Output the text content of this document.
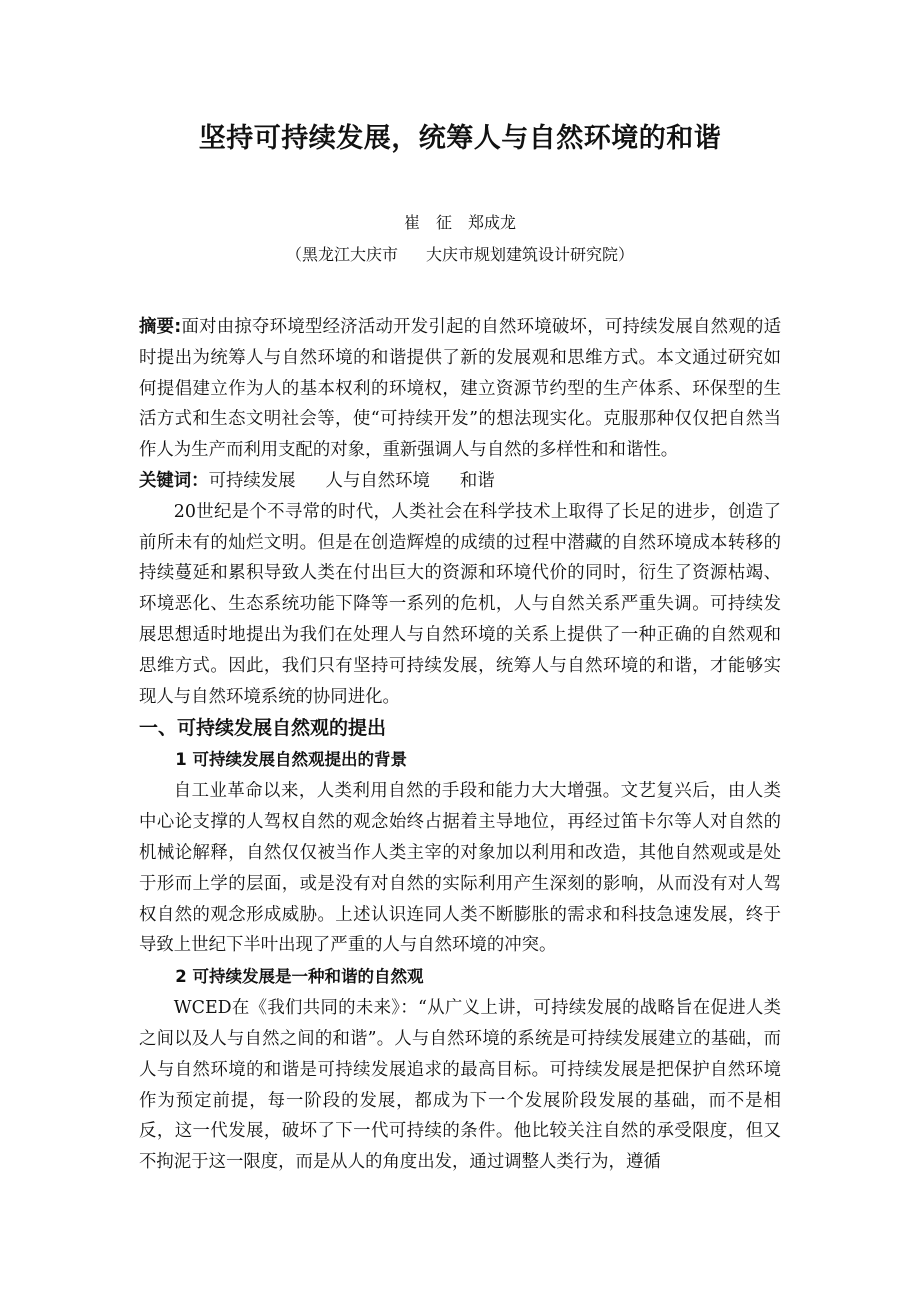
坚持可持续发展，统筹人与自然环境的和谐
崔　征 郑成龙
（黑龙江大庆市 大庆市规划建筑设计研究院）

摘要:面对由掠夺环境型经济活动开发引起的自然环境破坏，可持续发展自然观的适时提出为统筹人与自然环境的和谐提供了新的发展观和思维方式。本文通过研究如何提倡建立作为人的基本权利的环境权，建立资源节约型的生产体系、环保型的生活方式和生态文明社会等，使“可持续开发”的想法现实化。克服那种仅仅把自然当作人为生产而利用支配的对象，重新强调人与自然的多样性和和谐性。

关键词：可持续发展 人与自然环境 和谐

20世纪是个不寻常的时代，人类社会在科学技术上取得了长足的进步，创造了前所未有的灿烂文明。但是在创造辉煌的成绩的过程中潜藏的自然环境成本转移的持续蔓延和累积导致人类在付出巨大的资源和环境代价的同时，衍生了资源枯竭、环境恶化、生态系统功能下降等一系列的危机，人与自然关系严重失调。可持续发展思想适时地提出为我们在处理人与自然环境的关系上提供了一种正确的自然观和思维方式。因此，我们只有坚持可持续发展，统筹人与自然环境的和谐，才能够实现人与自然环境系统的协同进化。

一、可持续发展自然观的提出

1 可持续发展自然观提出的背景

自工业革命以来，人类利用自然的手段和能力大大增强。文艺复兴后，由人类中心论支撑的人驾权自然的观念始终占据着主导地位，再经过笛卡尔等人对自然的机械论解释，自然仅仅被当作人类主宰的对象加以利用和改造，其他自然观或是处于形而上学的层面，或是没有对自然的实际利用产生深刻的影响，从而没有对人驾权自然的观念形成威胁。上述认识连同人类不断膨胀的需求和科技急速发展，终于导致上世纪下半叶出现了严重的人与自然环境的冲突。

2 可持续发展是一种和谐的自然观

WCED在《我们共同的未来》：“从广义上讲，可持续发展的战略旨在促进人类之间以及人与自然之间的和谐”。人与自然环境的系统是可持续发展建立的基础，而人与自然环境的和谐是可持续发展追求的最高目标。可持续发展是把保护自然环境作为预定前提，每一阶段的发展，都成为下一个发展阶段发展的基础，而不是相反，这一代发展，破坏了下一代可持续的条件。他比较关注自然的承受限度，但又不拘泥于这一限度，而是从人的角度出发，通过调整人类行为，遵循
